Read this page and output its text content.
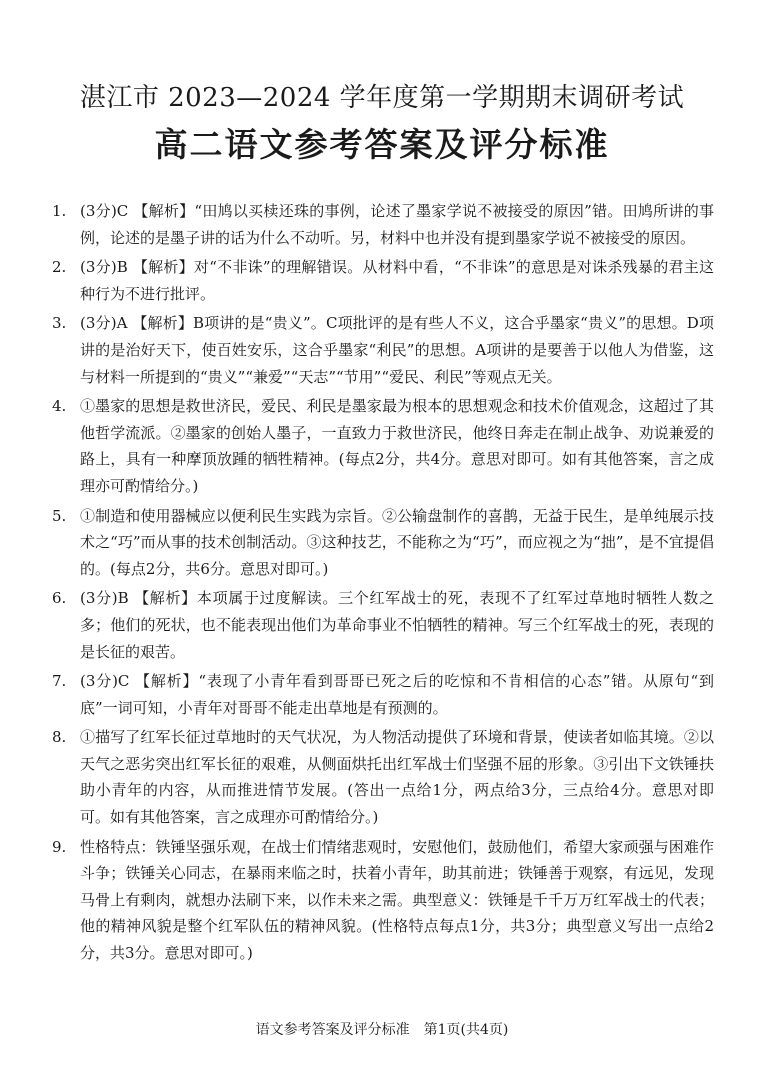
湛江市 2023—2024 学年度第一学期期末调研考试
高二语文参考答案及评分标准
1. (3分)C 【解析】“田鸠以买椟还珠的事例，论述了墨家学说不被接受的原因”错。田鸠所讲的事例，论述的是墨子讲的话为什么不动听。另，材料中也并没有提到墨家学说不被接受的原因。
2. (3分)B 【解析】对“不非诛”的理解错误。从材料中看，“不非诛”的意思是对诛杀残暴的君主这种行为不进行批评。
3. (3分)A 【解析】B项讲的是“贵义”。C项批评的是有些人不义，这合乎墨家“贵义”的思想。D项讲的是治好天下，使百姓安乐，这合乎墨家“利民”的思想。A项讲的是要善于以他人为借鉴，这与材料一所提到的“贵义”“兼爱”“天志”“节用”“爱民、利民”等观点无关。
4. ①墨家的思想是救世济民，爱民、利民是墨家最为根本的思想观念和技术价值观念，这超过了其他哲学流派。②墨家的创始人墨子，一直致力于救世济民，他终日奔走在制止战争、劝说兼爱的路上，具有一种摩顶放踵的牺牲精神。(每点2分，共4分。意思对即可。如有其他答案，言之成理亦可酌情给分。)
5. ①制造和使用器械应以便利民生实践为宗旨。②公输盘制作的喜鹊，无益于民生，是单纯展示技术之“巧”而从事的技术创制活动。③这种技艺，不能称之为“巧”，而应视之为“拙”，是不宜提倡的。(每点2分，共6分。意思对即可。)
6. (3分)B 【解析】本项属于过度解读。三个红军战士的死，表现不了红军过草地时牺牲人数之多；他们的死状，也不能表现出他们为革命事业不怕牺牲的精神。写三个红军战士的死，表现的是长征的艰苦。
7. (3分)C 【解析】“表现了小青年看到哥哥已死之后的吃惊和不肯相信的心态”错。从原句“到底”一词可知，小青年对哥哥不能走出草地是有预测的。
8. ①描写了红军长征过草地时的天气状况，为人物活动提供了环境和背景，使读者如临其境。②以天气之恶劣突出红军长征的艰难，从侧面烘托出红军战士们坚强不屈的形象。③引出下文铁锤扶助小青年的内容，从而推进情节发展。(答出一点给1分，两点给3分，三点给4分。意思对即可。如有其他答案，言之成理亦可酌情给分。)
9. 性格特点：铁锤坚强乐观，在战士们情绪悲观时，安慰他们，鼓励他们，希望大家顽强与困难作斗争；铁锤关心同志，在暴雨来临之时，扶着小青年，助其前进；铁锤善于观察，有远见，发现马骨上有剩肉，就想办法刷下来，以作未来之需。典型意义：铁锤是千千万万红军战士的代表；他的精神风貌是整个红军队伍的精神风貌。(性格特点每点1分，共3分；典型意义写出一点给2分，共3分。意思对即可。)
语文参考答案及评分标准　第1页(共4页)
